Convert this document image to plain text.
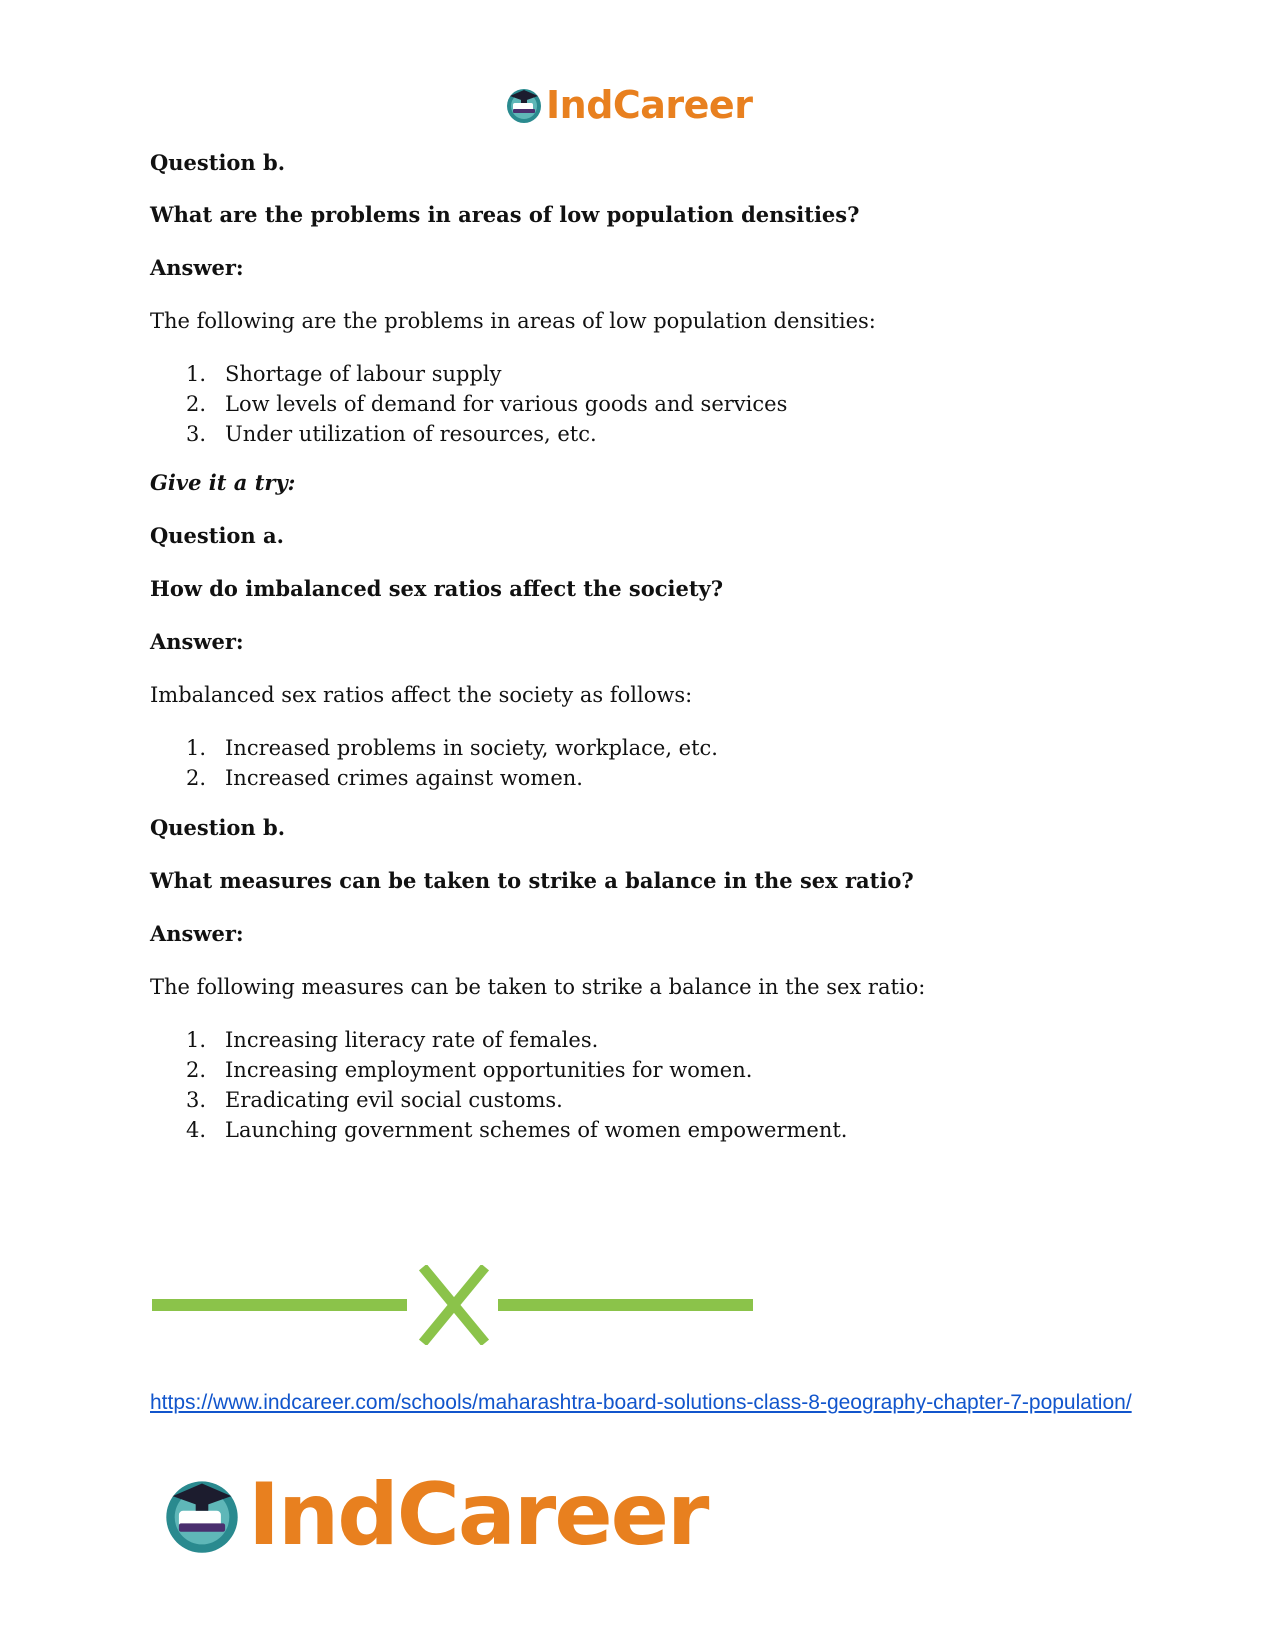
IndCareer
Question b.
What are the problems in areas of low population densities?
Answer:
The following are the problems in areas of low population densities:
1. Shortage of labour supply
2. Low levels of demand for various goods and services
3. Under utilization of resources, etc.
Give it a try:
Question a.
How do imbalanced sex ratios affect the society?
Answer:
Imbalanced sex ratios affect the society as follows:
1. Increased problems in society, workplace, etc.
2. Increased crimes against women.
Question b.
What measures can be taken to strike a balance in the sex ratio?
Answer:
The following measures can be taken to strike a balance in the sex ratio:
1. Increasing literacy rate of females.
2. Increasing employment opportunities for women.
3. Eradicating evil social customs.
4. Launching government schemes of women empowerment.
https://www.indcareer.com/schools/maharashtra-board-solutions-class-8-geography-chapter-7-population/
IndCareer
